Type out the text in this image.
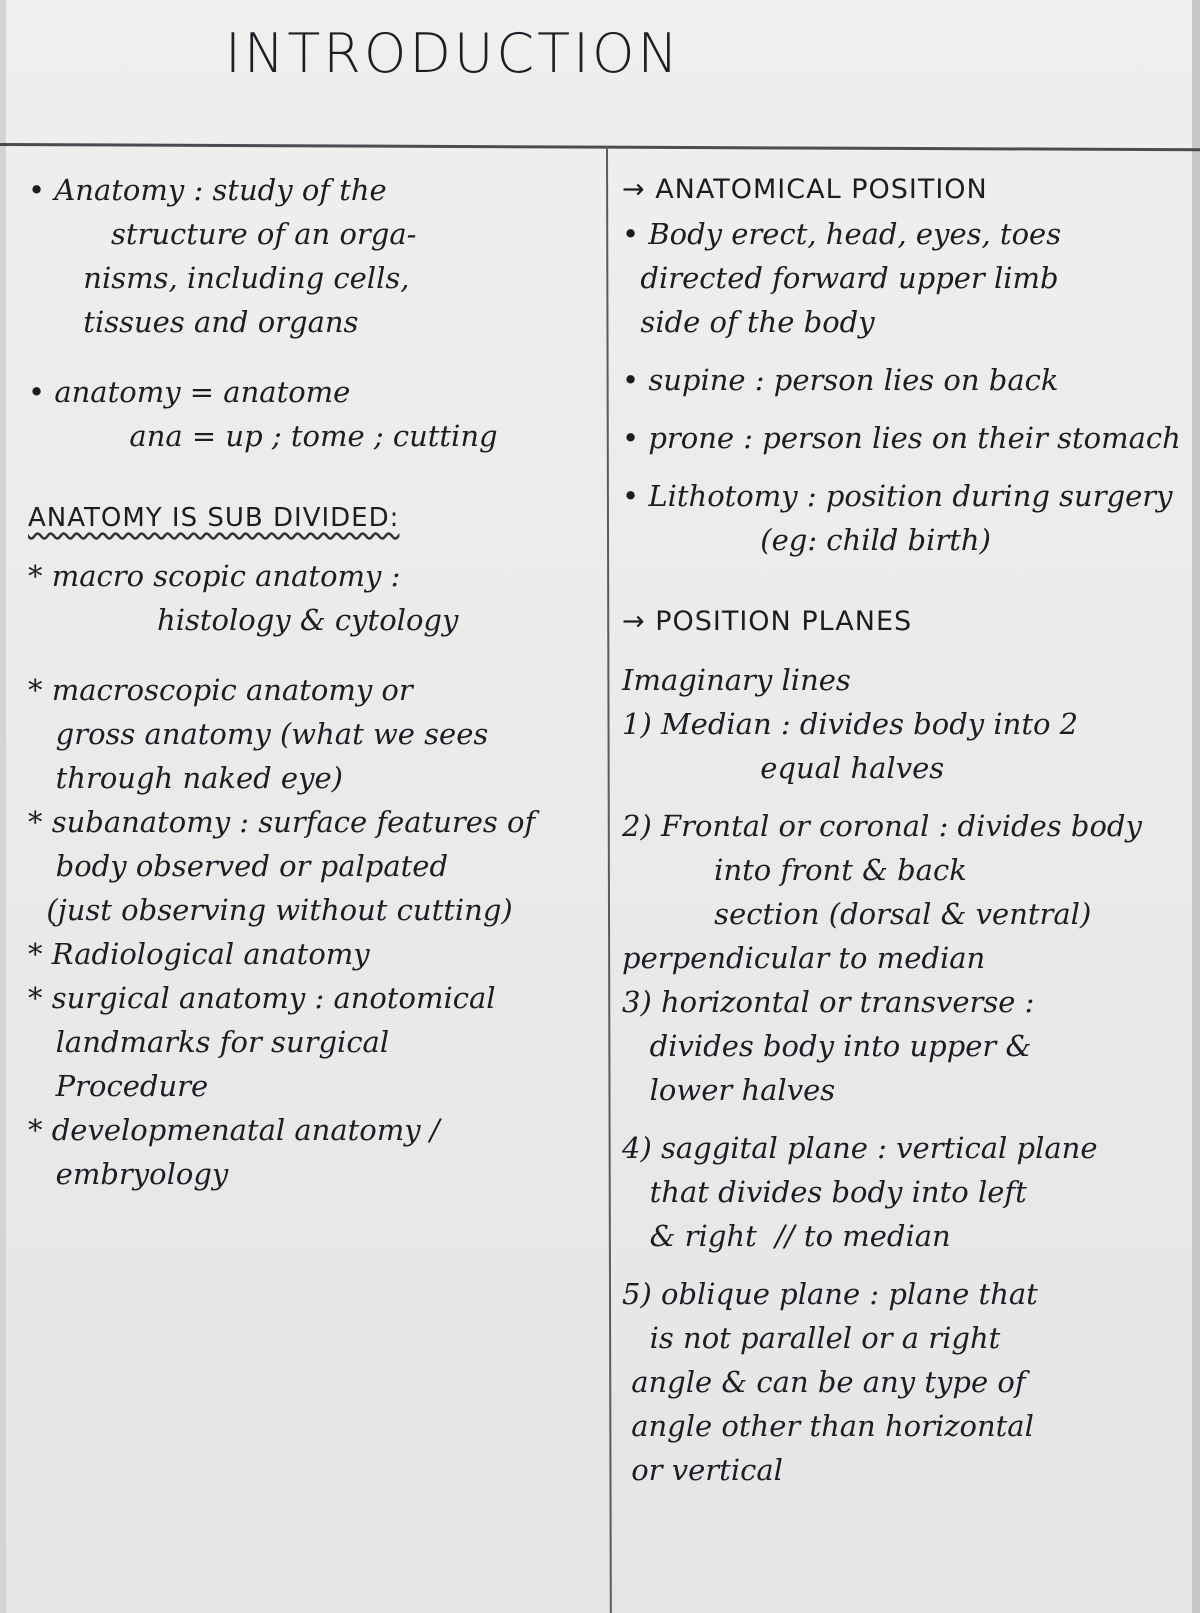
INTRODUCTION

• Anatomy : study of the
structure of an orga-
nisms, including cells,
tissues and organs

• anatomy = anatome
ana = up ; tome ; cutting

ANATOMY IS SUB DIVIDED:

* macro scopic anatomy :
histology & cytology

* macroscopic anatomy or
gross anatomy (what we sees
through naked eye)

* subanatomy : surface features of
body observed or palpated
(just observing without cutting)

* Radiological anatomy

* surgical anatomy : anotomical
landmarks for surgical
Procedure

* developmenatal anatomy /
embryology

→ ANATOMICAL POSITION

• Body erect, head, eyes, toes
directed forward upper limb
side of the body

• supine : person lies on back

• prone : person lies on their stomach

• Lithotomy : position during surgery
(eg: child birth)

→ POSITION PLANES

Imaginary lines

1) Median : divides body into 2
equal halves

2) Frontal or coronal : divides body
into front & back
section (dorsal & ventral)
perpendicular to median

3) horizontal or transverse :
divides body into upper &
lower halves

4) saggital plane : vertical plane
that divides body into left
& right  // to median

5) oblique plane : plane that
is not parallel or a right
angle & can be any type of
angle other than horizontal
or vertical
